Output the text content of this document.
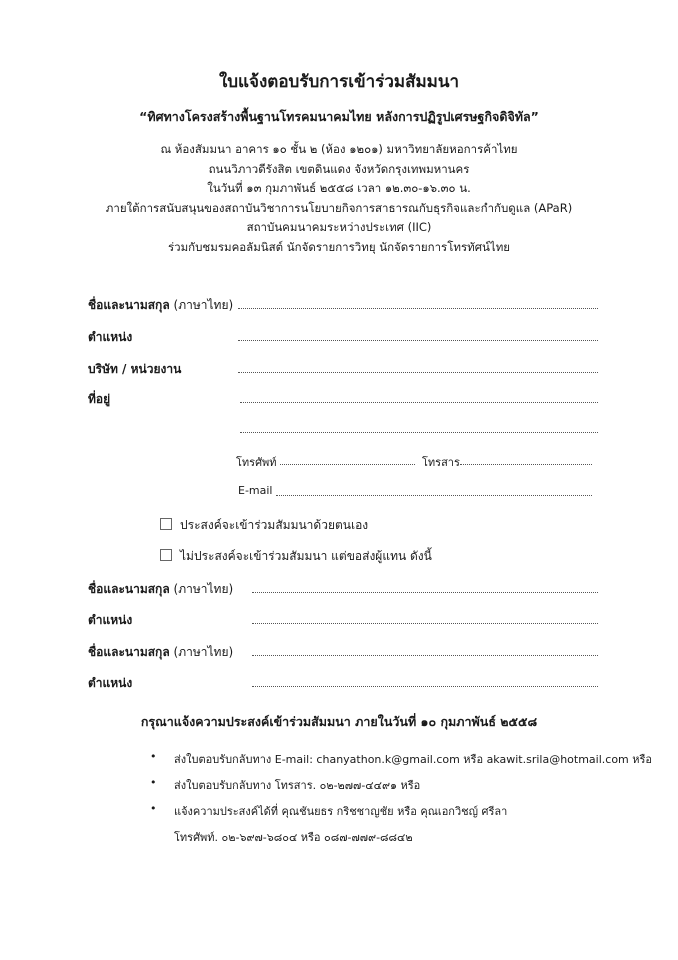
ใบแจ้งตอบรับการเข้าร่วมสัมมนา
“ทิศทางโครงสร้างพื้นฐานโทรคมนาคมไทย หลังการปฏิรูปเศรษฐกิจดิจิทัล”
ณ ห้องสัมมนา อาคาร ๑๐ ชั้น ๒ (ห้อง ๑๒๐๑) มหาวิทยาลัยหอการค้าไทย
ถนนวิภาวดีรังสิต เขตดินแดง จังหวัดกรุงเทพมหานคร
ในวันที่ ๑๓ กุมภาพันธ์ ๒๕๕๘ เวลา ๑๒.๓๐-๑๖.๓๐ น.
ภายใต้การสนับสนุนของสถาบันวิชาการนโยบายกิจการสาธารณกับธุรกิจและกำกับดูแล (APaR)
สถาบันคมนาคมระหว่างประเทศ (IIC)
ร่วมกับชมรมคอลัมนิสต์ นักจัดรายการวิทยุ นักจัดรายการโทรทัศน์ไทย
ชื่อและนามสกุล (ภาษาไทย)
ตำแหน่ง
บริษัท / หน่วยงาน
ที่อยู่
โทรศัพท์	โทรสาร
E-mail
ประสงค์จะเข้าร่วมสัมมนาด้วยตนเอง
ไม่ประสงค์จะเข้าร่วมสัมมนา แต่ขอส่งผู้แทน ดังนี้
ชื่อและนามสกุล (ภาษาไทย)
ตำแหน่ง
ชื่อและนามสกุล (ภาษาไทย)
ตำแหน่ง
กรุณาแจ้งความประสงค์เข้าร่วมสัมมนา ภายในวันที่ ๑๐ กุมภาพันธ์ ๒๕๕๘
• ส่งใบตอบรับกลับทาง E-mail: chanyathon.k@gmail.com หรือ akawit.srila@hotmail.com หรือ
• ส่งใบตอบรับกลับทาง โทรสาร. ๐๒-๒๗๗-๔๔๙๑ หรือ
• แจ้งความประสงค์ได้ที่ คุณชันยธร กริชชาญชัย หรือ คุณเอกวิชญ์ ศรีลา
โทรศัพท์. ๐๒-๖๙๗-๖๘๐๔ หรือ ๐๘๗-๗๗๙-๘๘๔๒
